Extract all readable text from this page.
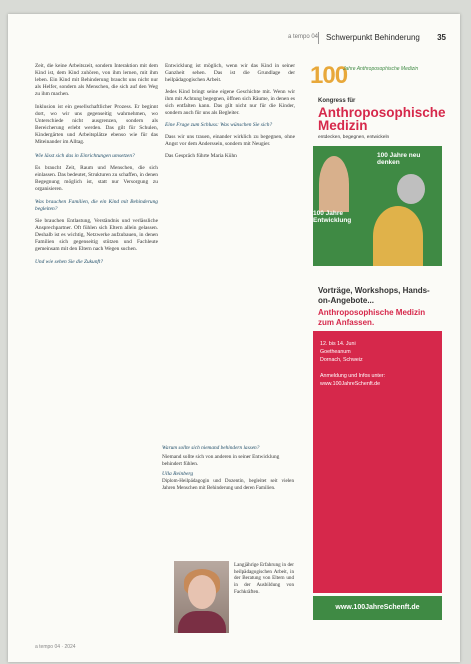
a tempo 04 Schwerpunkt Behinderung 35

Zeit, die keine Arbeitszeit, sondern Interaktion mit dem Kind ist, dem Kind zuhören, von ihm lernen, mit ihm leben. Ein Kind mit Behinderung braucht uns nicht nur als Helfer, sondern als Menschen, die sich auf den Weg zu ihm machen.

Inklusion ist ein gesellschaftlicher Prozess. Er beginnt dort, wo wir uns gegenseitig wahrnehmen, wo Unterschiede nicht ausgrenzen, sondern als Bereicherung erlebt werden. Das gilt für Schulen, Kindergärten und Arbeitsplätze ebenso wie für das Miteinander im Alltag.

Wie lässt sich das in Einrichtungen umsetzen?

Es braucht Zeit, Raum und Menschen, die sich einlassen. Das bedeutet, Strukturen zu schaffen, in denen Begegnung möglich ist, statt nur Versorgung zu organisieren.

Was brauchen Familien, die ein Kind mit Behinderung begleiten?

Sie brauchen Entlastung, Verständnis und verlässliche Ansprechpartner. Oft fühlen sich Eltern allein gelassen. Deshalb ist es wichtig, Netzwerke aufzubauen, in denen Familien sich gegenseitig stützen und Fachleute gemeinsam mit den Eltern nach Wegen suchen.

Und wie sehen Sie die Zukunft?

Entwicklung ist möglich, wenn wir das Kind in seiner Ganzheit sehen. Das ist die Grundlage der heilpädagogischen Arbeit.

Jedes Kind bringt seine eigene Geschichte mit. Wenn wir ihm mit Achtung begegnen, öffnen sich Räume, in denen es sich entfalten kann. Das gilt nicht nur für die Kinder, sondern auch für uns als Begleiter.

Eine Frage zum Schluss: Was wünschen Sie sich?

Dass wir uns trauen, einander wirklich zu begegnen, ohne Angst vor dem Anderssein, sondern mit Neugier.

Das Gespräch führte Maria Kühn

Warum sollte sich niemand behindern lassen?
Niemand sollte sich von anderen in seiner Entwicklung behindert fühlen.
Ulla Reinberg
Diplom-Heilpädagogin und Dozentin, begleitet seit vielen Jahren Menschen mit Behinderung und deren Familien.
Langjährige Erfahrung in der heilpädagogischen Arbeit, in der Beratung von Eltern und in der Ausbildung von Fachkräften.
100
Jahre Anthroposophische Medizin
Kongress für
Anthroposophische Medizin
entdecken, begegnen, entwickeln
100 Jahre neu denken
100 Jahre Entwicklung
Vorträge, Workshops, Hands-on-Angebote...
Anthroposophische Medizin zum Anfassen.
12. bis 14. Juni
Goetheanum
Dornach, Schweiz
Anmeldung und Infos unter:
www.100JahreSchenft.de
www.100JahreSchenft.de
a tempo 04 · 2024
